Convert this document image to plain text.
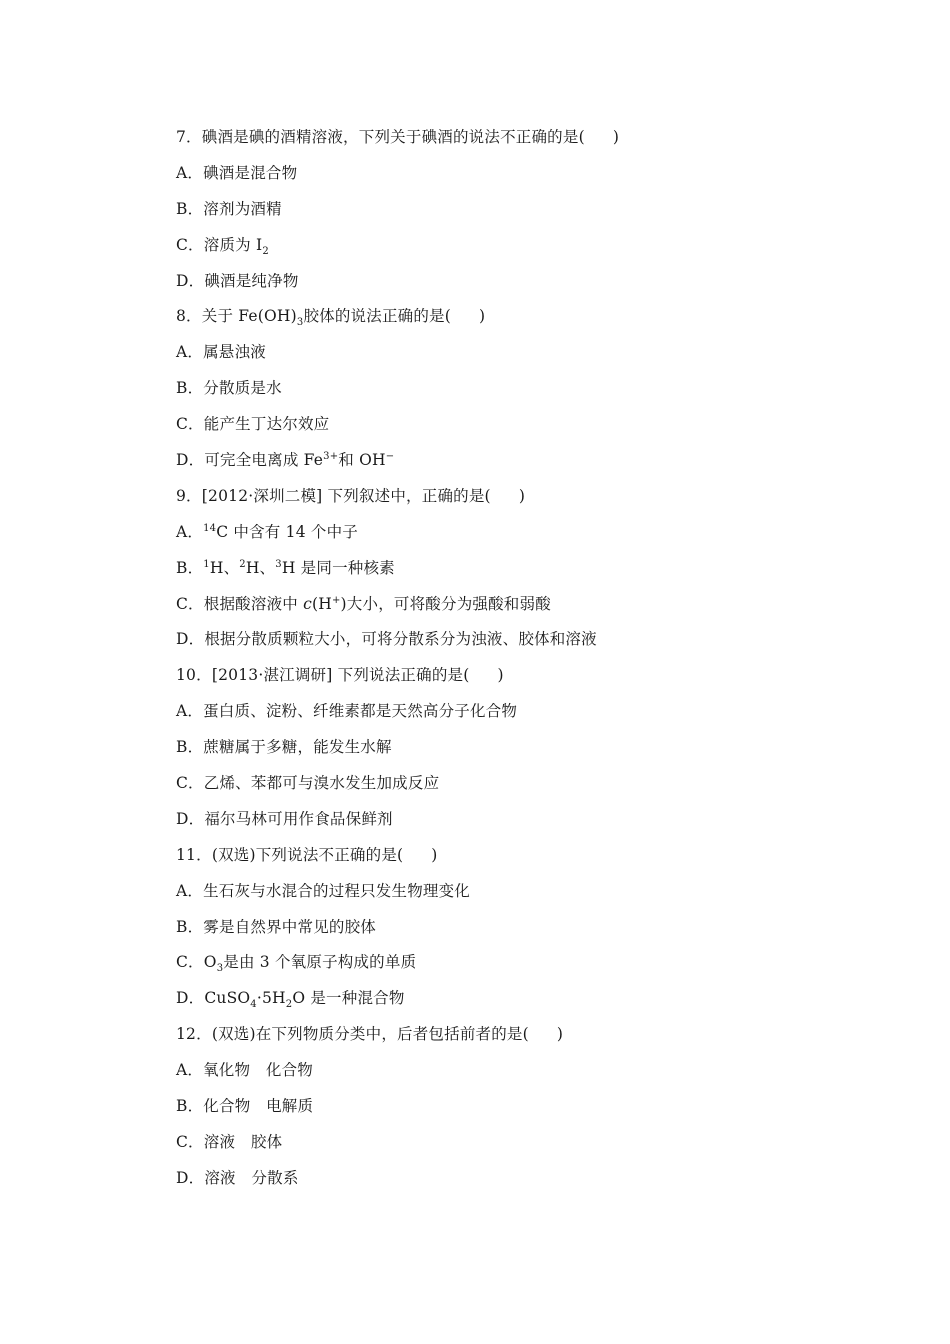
7．碘酒是碘的酒精溶液，下列关于碘酒的说法不正确的是( )
A．碘酒是混合物
B．溶剂为酒精
C．溶质为 $I_2$
D．碘酒是纯净物
8．关于 $Fe(OH)_3$胶体的说法正确的是( )
A．属悬浊液
B．分散质是水
C．能产生丁达尔效应
D．可完全电离成 $Fe^{3+}$和 OH−
9．[2012·深圳二模] 下列叙述中，正确的是( )
A．$^{14}$C 中含有 14 个中子
B．$^1$H、$^2$H、$^3$H 是同一种核素
C．根据酸溶液中 c(H+)大小，可将酸分为强酸和弱酸
D．根据分散质颗粒大小，可将分散系分为浊液、胶体和溶液
10．[2013·湛江调研] 下列说法正确的是( )
A．蛋白质、淀粉、纤维素都是天然高分子化合物
B．蔗糖属于多糖，能发生水解
C．乙烯、苯都可与溴水发生加成反应
D．福尔马林可用作食品保鲜剂
11．(双选)下列说法不正确的是( )
A．生石灰与水混合的过程只发生物理变化
B．雾是自然界中常见的胶体
C．$O_3$是由 3 个氧原子构成的单质
D．$CuSO_4\cdot 5H_2O$ 是一种混合物
12．(双选)在下列物质分类中，后者包括前者的是( )
A．氧化物　化合物
B．化合物　电解质
C．溶液　胶体
D．溶液　分散系
